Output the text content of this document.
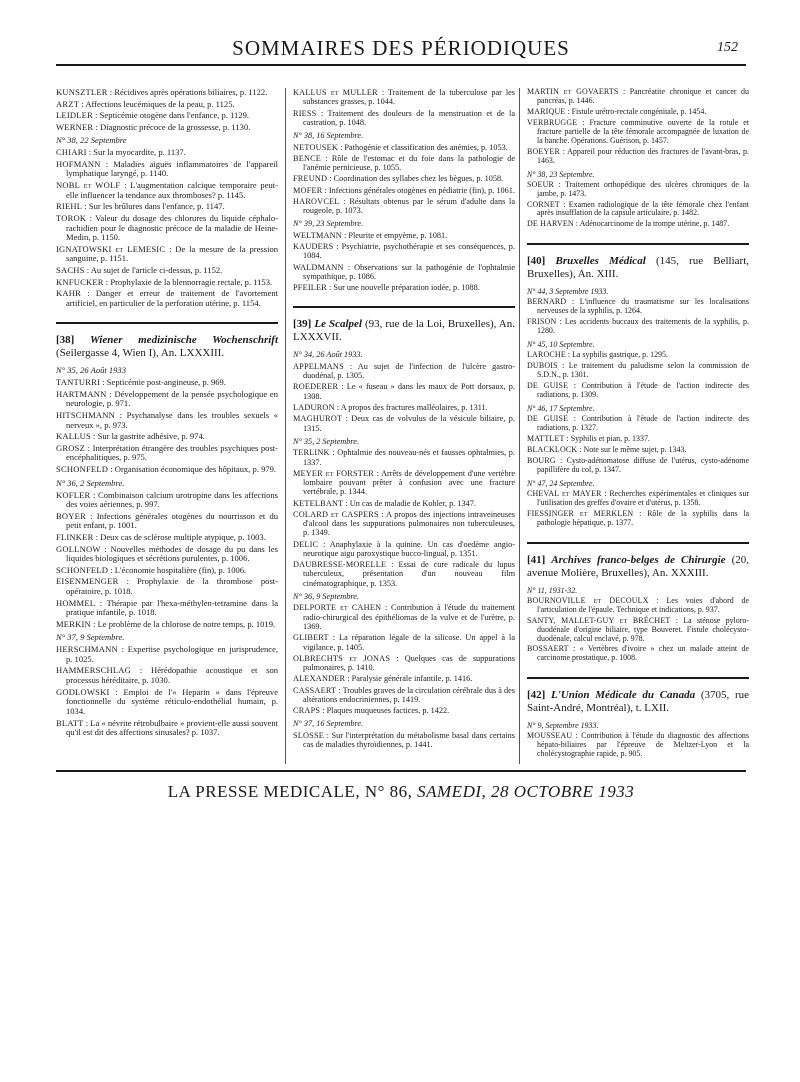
SOMMAIRES DES PÉRIODIQUES	152

KUNSZTLER : Récidives après opérations biliaires, p. 1122.

ARZT : Affections leucémiques de la peau, p. 1125.

LEIDLER : Septicémie otogène dans l'enfance, p. 1129.

WERNER : Diagnostic précoce de la grossesse, p. 1130.

N° 38, 22 Septembre

CHIARI : Sur la myocardite, p. 1137.

HOFMANN : Maladies aiguës inflammatoires de l'appareil lymphatique laryngé, p. 1140.

NOBL et WOLF : L'augmentation calcique temporaire peut-elle influencer la tendance aux thromboses? p. 1145.

RIEHL : Sur les brûlures dans l'enfance, p. 1147.

TOROK : Valeur du dosage des chlorures du liquide céphalo-rachidien pour le diagnostic précoce de la maladie de Heine-Medin, p. 1150.

IGNATOWSKI et LEMESIC : De la mesure de la pression sanguine, p. 1151.

SACHS : Au sujet de l'article ci-dessus, p. 1152.

KNFUCKER : Prophylaxie de la blennorragie rectale, p. 1153.

KAHR : Danger et erreur de traitement de l'avortement artificiel, en particulier de la perforation utérine, p. 1154.

[38] Wiener medizinische Wochenschrift (Seilergasse 4, Wien I), An. LXXXIII.
N° 35, 26 Août 1933

TANTURRI : Septicémie post-angineuse, p. 969.

HARTMANN : Développement de la pensée psychologique en neurologie, p. 971.

HITSCHMANN : Psychanalyse dans les troubles sexuels « nerveux », p. 973.

KALLUS : Sur la gastrite adhésive, p. 974.

GROSZ : Interprétation étrangère des troubles psychiques post-encéphalitiques, p. 975.

SCHONFELD : Organisation économique des hôpitaux, p. 979.

N° 36, 2 Septembre.

KOFLER : Combinaison calcium urotropine dans les affections des voies aériennes, p. 997.

BOYER : Infections générales otogènes du nourrisson et du petit enfant, p. 1001.

FLINKER : Deux cas de sclérose multiple atypique, p. 1003.

GOLLNOW : Nouvelles méthodes de dosage du pu dans les liquides biologiques et sécrétions purulentes, p. 1006.

SCHONFELD : L'économie hospitalière (fin), p. 1006.

EISENMENGER : Prophylaxie de la thrombose post-opératoire, p. 1018.

HOMMEL : Thérapie par l'hexa-méthylen-tetramine dans la pratique infantile, p. 1018.

MERKIN : Le problème de la chlorose de notre temps, p. 1019.

N° 37, 9 Septembre.

HERSCHMANN : Expertise psychologique en jurisprudence, p. 1025.

HAMMERSCHLAG : Hérédopathie acoustique et son processus héréditaire, p. 1030.

GODLOWSKI : Emploi de l'« Heparin » dans l'épreuve fonctionnelle du système réticulo-endothélial humain, p. 1034.

BLATT : La « névrite rétrobulbaire » provient-elle aussi souvent qu'il est dit des affections sinusales? p. 1037.

KALLUS et MULLER : Traitement de la tuberculose par les substances grasses, p. 1044.

RIESS : Traitement des douleurs de la menstruation et de la castration, p. 1048.

N° 38, 16 Septembre.

NETOUSEK : Pathogénie et classification des anémies, p. 1053.

BENCE : Rôle de l'estomac et du foie dans la pathologie de l'anémie pernicieuse, p. 1055.

FREUND : Coordination des syllabes chez les bègues, p. 1058.

MOFER : Infections générales otogènes en pédiatrie (fin), p. 1061.

HAROVCEL : Résultats obtenus par le sérum d'adulte dans la rougeole, p. 1073.

N° 39, 23 Septembre.

WELTMANN : Pleurite et empyème, p. 1081.

KAUDERS : Psychiatrie, psychothérapie et ses conséquences, p. 1084.

WALDMANN : Observations sur la pathogénie de l'ophtalmie sympathique, p. 1086.

PFEILER : Sur une nouvelle préparation iodée, p. 1088.

[39] Le Scalpel (93, rue de la Loi, Bruxelles), An. LXXXVII.
N° 34, 26 Août 1933.

APPELMANS : Au sujet de l'infection de l'ulcère gastro-duodénal, p. 1305.

ROEDERER : Le « fuseau » dans les maux de Pott dorsaux, p. 1308.

LADURON : A propos des fractures malléolaires, p. 1311.

MAGHUROT : Deux cas de volvulus de la vésicule biliaire, p. 1315.

N° 35, 2 Septembre.

TERLINK : Ophtalmie des nouveau-nés et fausses ophtalmies, p. 1337.

MEYER et FORSTER : Arrêts de développement d'une vertèbre lombaire pouvant prêter à confusion avec une fracture vertébrale, p. 1344.

KETELBANT : Un cas de maladie de Kohler, p. 1347.

COLARD et CASPERS : A propos des injections intraveineuses d'alcool dans les suppurations pulmonaires non tuberculeuses, p. 1349.

DELIC : Anaphylaxie à la quinine. Un cas d'oedème angio-neurotique aigu paroxystique bucco-lingual, p. 1351.

DAUBRESSE-MORELLE : Essai de cure radicale du lupus tuberculeux, présentation d'un nouveau film cinématographique, p. 1353.

N° 36, 9 Septembre.

DELPORTE et CAHEN : Contribution à l'étude du traitement radio-chirurgical des épithéliomas de la vulve et de l'urètre, p. 1369.

GLIBERT : La réparation légale de la silicose. Un appel à la vigilance, p. 1405.

OLBRECHTS et JONAS : Quelques cas de suppurations pulmonaires, p. 1410.

ALEXANDER : Paralysie générale infantile, p. 1416.

CASSAERT : Troubles graves de la circulation cérébrale dus à des altérations endocriniennes, p. 1419.

CRAPS : Plaques muqueuses factices, p. 1422.

N° 37, 16 Septembre.

SLOSSE : Sur l'interprétation du métabolisme basal dans certains cas de maladies thyroïdiennes, p. 1441.

MARTIN et GOVAERTS : Pancréatite chronique et cancer du pancréas, p. 1446.

MARIQUE : Fistule urétro-rectale congénitale, p. 1454.

VERBRUGGE : Fracture comminutive ouverte de la rotule et fracture partielle de la tête fémorale accompagnée de luxation de la hanche. Opérations. Guérison, p. 1457.

BOEYER : Appareil pour réduction des fractures de l'avant-bras, p. 1463.

N° 38, 23 Septembre.

SOEUR : Traitement orthopédique des ulcères chroniques de la jambe, p. 1473.

CORNET : Examen radiologique de la tête fémorale chez l'enfant après insufflation de la capsule articulaire, p. 1482.

DE HARVEN : Adénocarcinome de la trompe utérine, p. 1487.

[40] Bruxelles Médical (145, rue Belliart, Bruxelles), An. XIII.
N° 44, 3 Septembre 1933.

BERNARD : L'influence du traumatisme sur les localisations nerveuses de la syphilis, p. 1264.

FRISON : Les accidents buccaux des traitements de la syphilis, p. 1280.

N° 45, 10 Septembre.

LAROCHE : La syphilis gastrique, p. 1295.

DUBOIS : Le traitement du paludisme selon la commission de S.D.N., p. 1301.

DE GUISE : Contribution à l'étude de l'action indirecte des radiations, p. 1309.

N° 46, 17 Septembre.

DE GUISE : Contribution à l'étude de l'action indirecte des radiations, p. 1327.

MATTLET : Syphilis et pian, p. 1337.

BLACKLOCK : Note sur le même sujet, p. 1343.

BOURG : Cysto-adénomatose diffuse de l'utérus, cysto-adénome papillifère du col, p. 1347.

N° 47, 24 Septembre.

CHEVAL et MAYER : Recherches expérimentales et cliniques sur l'utilisation des greffes d'ovaire et d'utérus, p. 1358.

FIESSINGER et MERKLEN : Rôle de la syphilis dans la pathologie hépatique, p. 1377.

[41] Archives franco-belges de Chirurgie (20, avenue Molière, Bruxelles), An. XXXIII.
N° 11, 1931-32.

BOURNOVILLE et DECOULX : Les voies d'abord de l'articulation de l'épaule. Technique et indications, p. 937.

SANTY, MALLET-GUY et BRÉCHET : La sténose pyloro-duodénale d'origine biliaire, type Bouveret. Fistule cholécysto-duodénale, calcul enclavé, p. 978.

BOSSAERT : « Vertèbres d'ivoire » chez un malade atteint de carcinome prostatique, p. 1008.

[42] L'Union Médicale du Canada (3705, rue Saint-André, Montréal), t. LXII.
N° 9, Septembre 1933.

MOUSSEAU : Contribution à l'étude du diagnostic des affections hépato-biliaires par l'épreuve de Meltzer-Lyon et la cholécystographie rapide, p. 905.

LA PRESSE MEDICALE, N° 86, SAMEDI, 28 OCTOBRE 1933
